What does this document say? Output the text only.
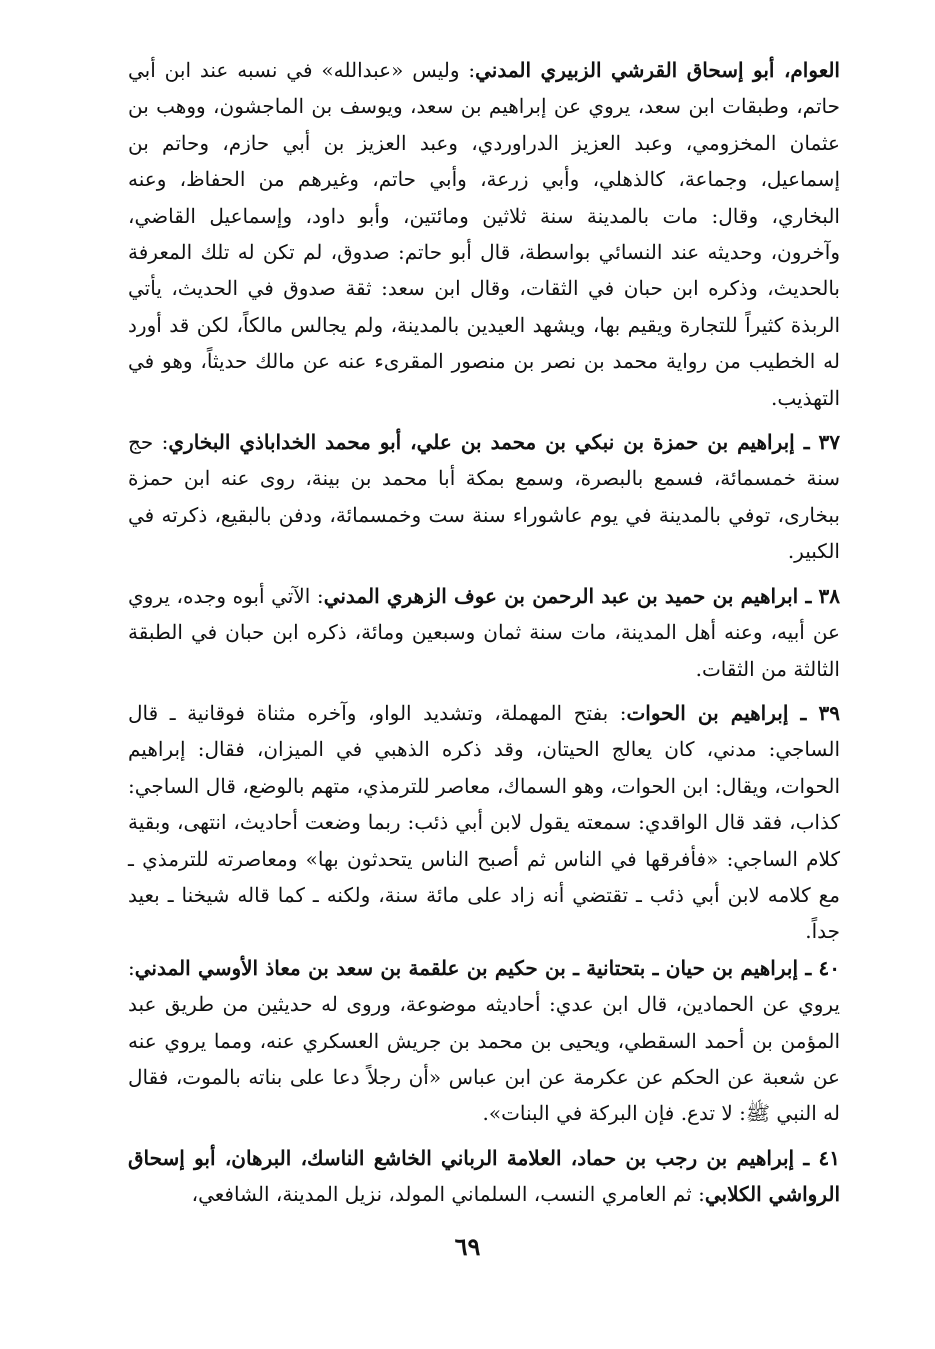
العوام، أبو إسحاق القرشي الزبيري المدني: وليس «عبدالله» في نسبه عند ابن أبي حاتم، وطبقات ابن سعد، يروي عن إبراهيم بن سعد، ويوسف بن الماجشون، ووهب بن عثمان المخزومي، وعبد العزيز الدراوردي، وعبد العزيز بن أبي حازم، وحاتم بن إسماعيل، وجماعة، كالذهلي، وأبي زرعة، وأبي حاتم، وغيرهم من الحفاظ، وعنه البخاري، وقال: مات بالمدينة سنة ثلاثين ومائتين، وأبو داود، وإسماعيل القاضي، وآخرون، وحديثه عند النسائي بواسطة، قال أبو حاتم: صدوق، لم تكن له تلك المعرفة بالحديث، وذكره ابن حبان في الثقات، وقال ابن سعد: ثقة صدوق في الحديث، يأتي الربذة كثيراً للتجارة ويقيم بها، ويشهد العيدين بالمدينة، ولم يجالس مالكاً، لكن قد أورد له الخطيب من رواية محمد بن نصر بن منصور المقرىء عنه عن مالك حديثاً، وهو في التهذيب.

٣٧ ـ إبراهيم بن حمزة بن نبكي بن محمد بن علي، أبو محمد الخداباذي البخاري: حج سنة خمسمائة، فسمع بالبصرة، وسمع بمكة أبا محمد بن بينة، روى عنه ابن حمزة ببخارى، توفي بالمدينة في يوم عاشوراء سنة ست وخمسمائة، ودفن بالبقيع، ذكرته في الكبير.

٣٨ ـ ابراهيم بن حميد بن عبد الرحمن بن عوف الزهري المدني: الآتي أبوه وجده، يروي عن أبيه، وعنه أهل المدينة، مات سنة ثمان وسبعين ومائة، ذكره ابن حبان في الطبقة الثالثة من الثقات.

٣٩ ـ إبراهيم بن الحوات: بفتح المهملة، وتشديد الواو، وآخره مثناة فوقانية ـ قال الساجي: مدني، كان يعالج الحيتان، وقد ذكره الذهبي في الميزان، فقال: إبراهيم الحوات، ويقال: ابن الحوات، وهو السماك، معاصر للترمذي، متهم بالوضع، قال الساجي: كذاب، فقد قال الواقدي: سمعته يقول لابن أبي ذئب: ربما وضعت أحاديث، انتهى، وبقية كلام الساجي: «فأفرقها في الناس ثم أصبح الناس يتحدثون بها» ومعاصرته للترمذي ـ مع كلامه لابن أبي ذئب ـ تقتضي أنه زاد على مائة سنة، ولكنه ـ كما قاله شيخنا ـ بعيد جداً.

٤٠ ـ إبراهيم بن حيان ـ بتحتانية ـ بن حكيم بن علقمة بن سعد بن معاذ الأوسي المدني: يروي عن الحمادين، قال ابن عدي: أحاديثه موضوعة، وروى له حديثين من طريق عبد المؤمن بن أحمد السقطي، ويحيى بن محمد بن جريش العسكري عنه، ومما يروي عنه عن شعبة عن الحكم عن عكرمة عن ابن عباس «أن رجلاً دعا على بناته بالموت، فقال له النبي ﷺ: لا تدع. فإن البركة في البنات».

٤١ ـ إبراهيم بن رجب بن حماد، العلامة الرباني الخاشع الناسك، البرهان، أبو إسحاق الرواشي الكلابي: ثم العامري النسب، السلماني المولد، نزيل المدينة، الشافعي،

٦٩
